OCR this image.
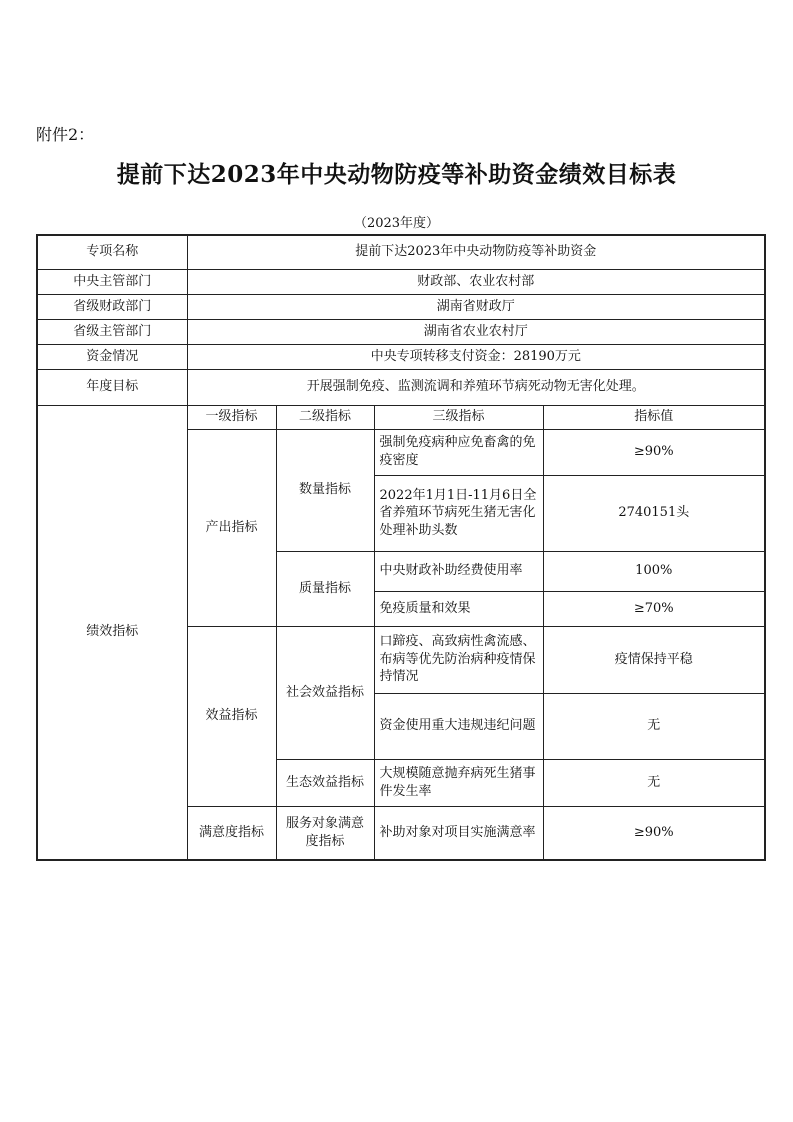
附件2：
提前下达2023年中央动物防疫等补助资金绩效目标表
（2023年度）
专项名称	提前下达2023年中央动物防疫等补助资金			
中央主管部门	财政部、农业农村部			
省级财政部门	湖南省财政厅			
省级主管部门	湖南省农业农村厅			
资金情况	中央专项转移支付资金：28190万元			
年度目标	开展强制免疫、监测流调和养殖环节病死动物无害化处理。			
绩效指标	一级指标	二级指标	三级指标	指标值
	产出指标	数量指标	强制免疫病种应免畜禽的免疫密度	≥90%
			2022年1月1日-11月6日全省养殖环节病死生猪无害化处理补助头数	2740151头
		质量指标	中央财政补助经费使用率	100%
			免疫质量和效果	≥70%
	效益指标	社会效益指标	口蹄疫、高致病性禽流感、布病等优先防治病种疫情保持情况	疫情保持平稳
			资金使用重大违规违纪问题	无
		生态效益指标	大规模随意抛弃病死生猪事件发生率	无
	满意度指标	服务对象满意度指标	补助对象对项目实施满意率	≥90%
